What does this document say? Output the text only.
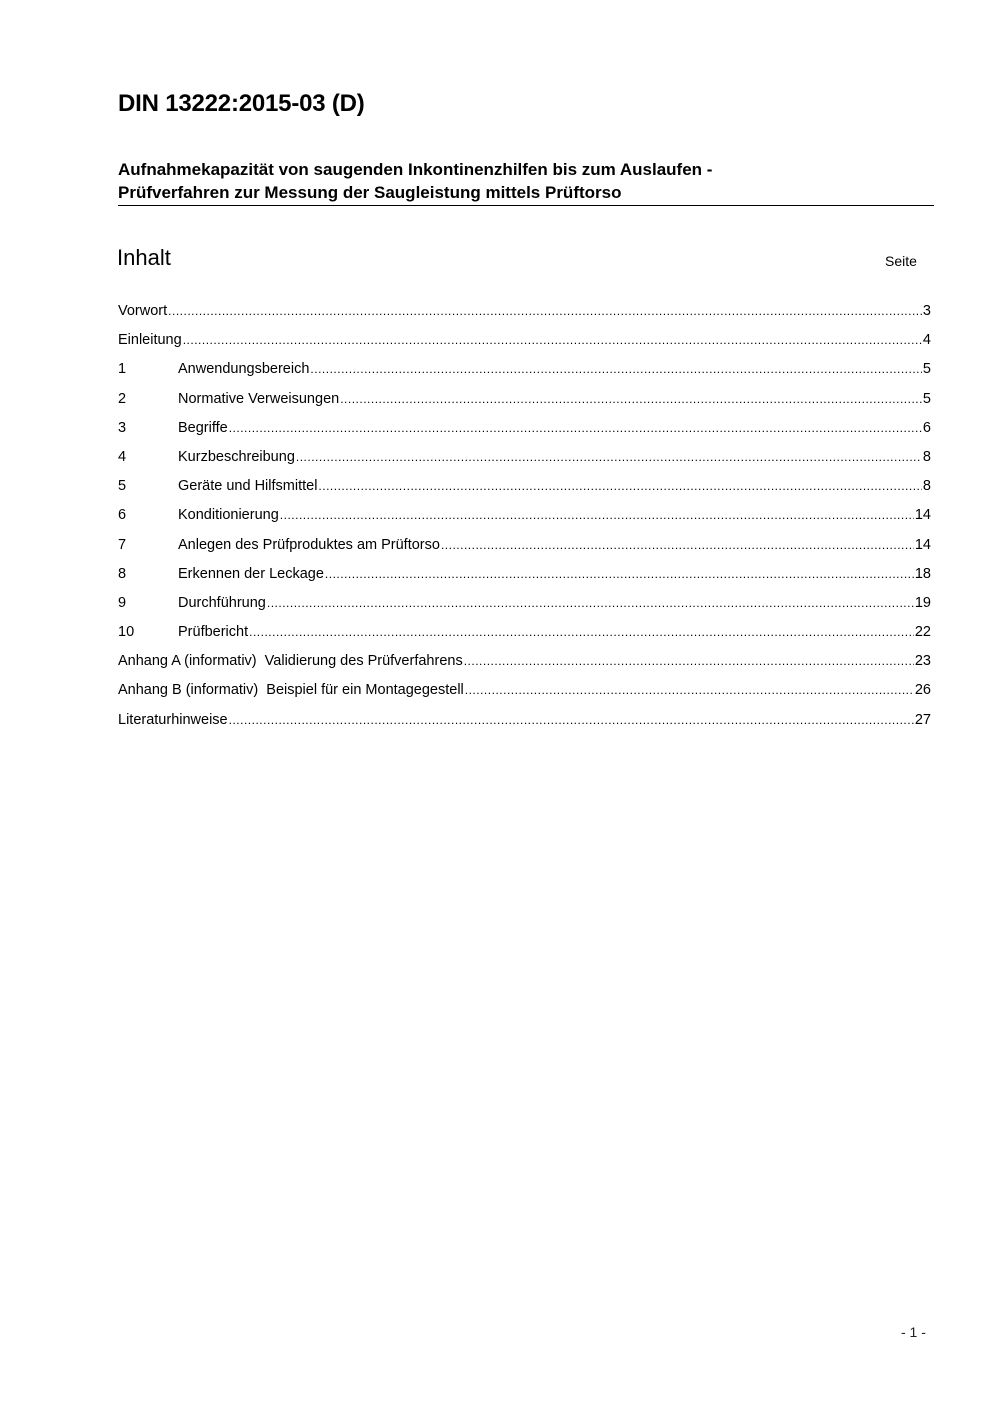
DIN 13222:2015-03 (D)
Aufnahmekapazität von saugenden Inkontinenzhilfen bis zum Auslaufen -
Prüfverfahren zur Messung der Saugleistung mittels Prüftorso
Inhalt	Seite
Vorwort .....	3
Einleitung .....	4
1	Anwendungsbereich .....	5
2	Normative Verweisungen .....	5
3	Begriffe .....	6
4	Kurzbeschreibung .....	8
5	Geräte und Hilfsmittel .....	8
6	Konditionierung .....	14
7	Anlegen des Prüfproduktes am Prüftorso .....	14
8	Erkennen der Leckage .....	18
9	Durchführung .....	19
10	Prüfbericht .....	22
Anhang A (informativ)  Validierung des Prüfverfahrens .....	23
Anhang B (informativ)  Beispiel für ein Montagegestell .....	26
Literaturhinweise .....	27
- 1 -
